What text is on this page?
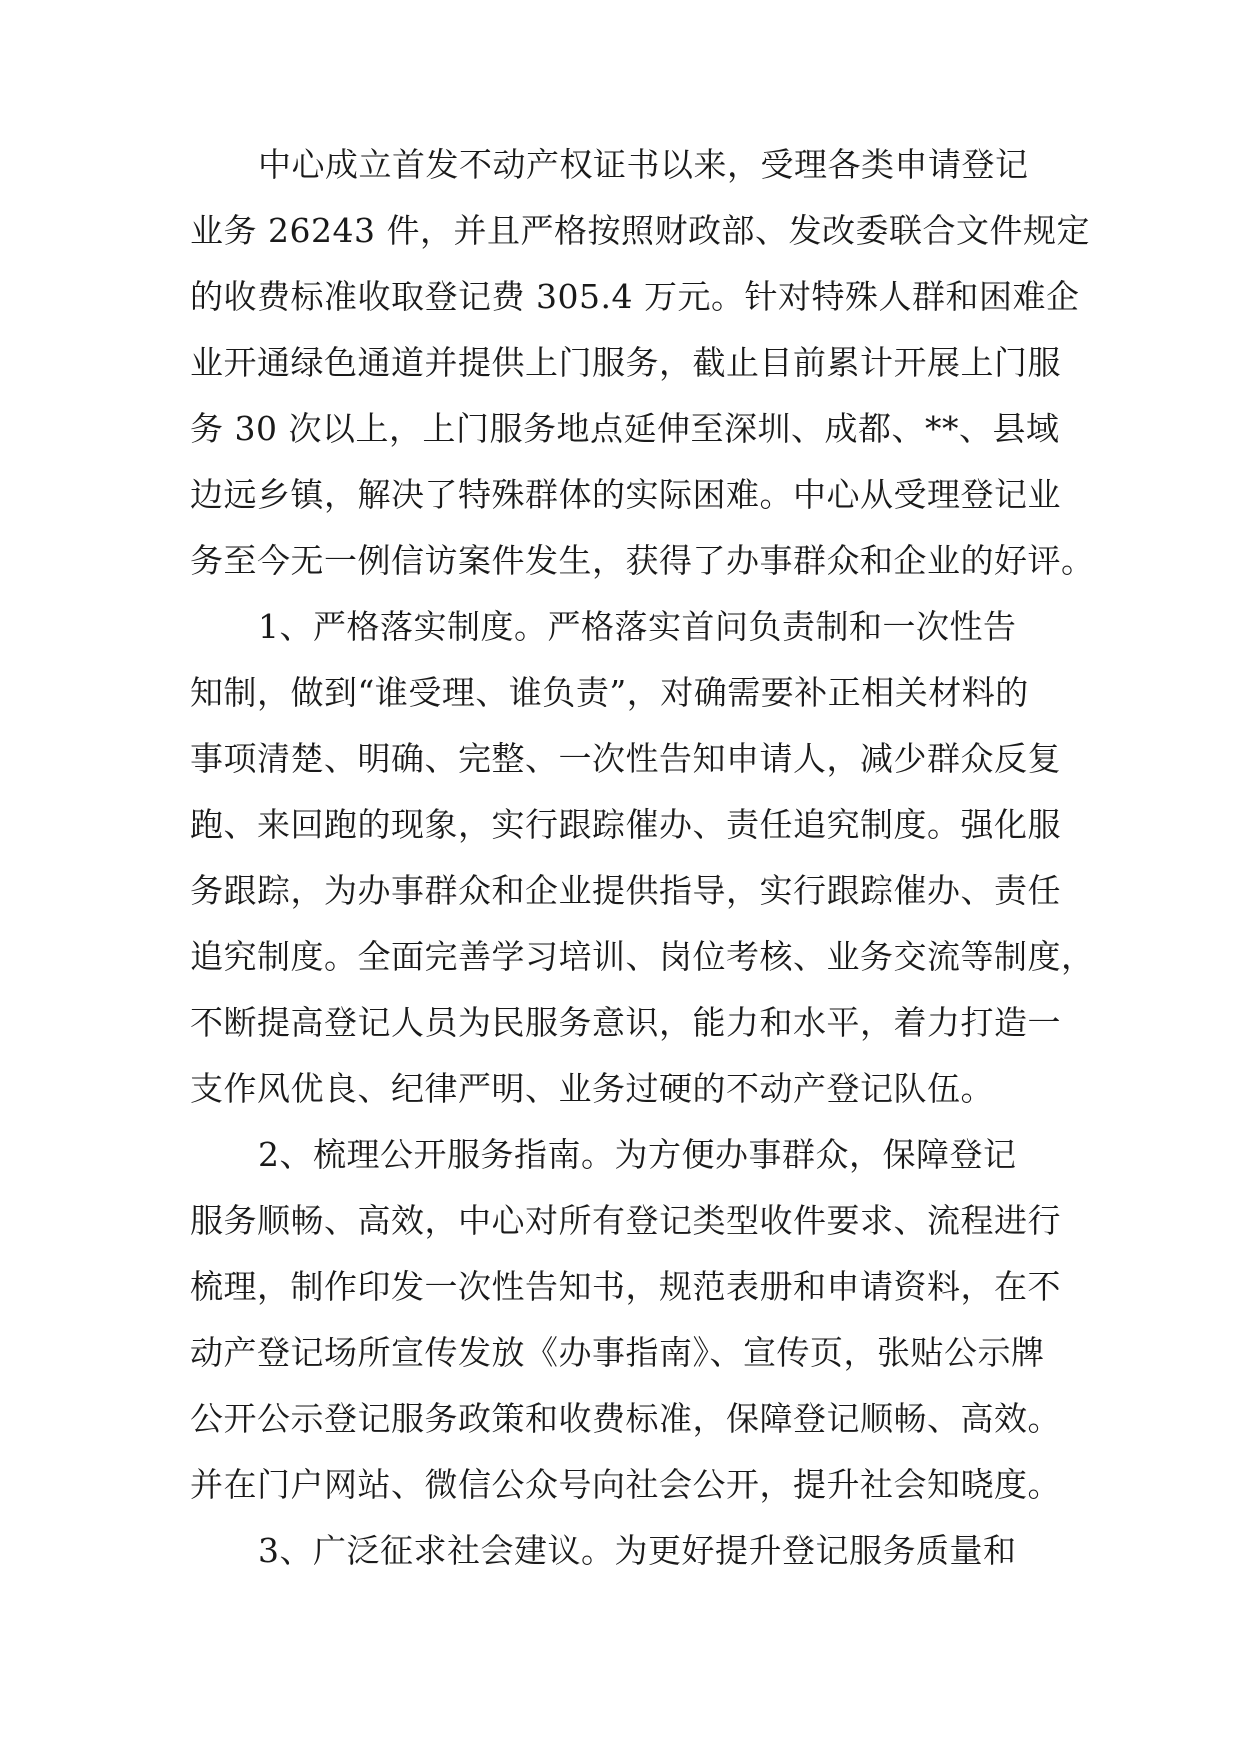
中心成立首发不动产权证书以来，受理各类申请登记
业务 26243 件，并且严格按照财政部、发改委联合文件规定
的收费标准收取登记费 305.4 万元。针对特殊人群和困难企
业开通绿色通道并提供上门服务，截止目前累计开展上门服
务 30 次以上，上门服务地点延伸至深圳、成都、**、县域
边远乡镇，解决了特殊群体的实际困难。中心从受理登记业
务至今无一例信访案件发生，获得了办事群众和企业的好评。
1、严格落实制度。严格落实首问负责制和一次性告
知制，做到“谁受理、谁负责”，对确需要补正相关材料的
事项清楚、明确、完整、一次性告知申请人，减少群众反复
跑、来回跑的现象，实行跟踪催办、责任追究制度。强化服
务跟踪，为办事群众和企业提供指导，实行跟踪催办、责任
追究制度。全面完善学习培训、岗位考核、业务交流等制度，
不断提高登记人员为民服务意识，能力和水平，着力打造一
支作风优良、纪律严明、业务过硬的不动产登记队伍。
2、梳理公开服务指南。为方便办事群众，保障登记
服务顺畅、高效，中心对所有登记类型收件要求、流程进行
梳理，制作印发一次性告知书，规范表册和申请资料，在不
动产登记场所宣传发放《办事指南》、宣传页，张贴公示牌
公开公示登记服务政策和收费标准，保障登记顺畅、高效。
并在门户网站、微信公众号向社会公开，提升社会知晓度。
3、广泛征求社会建议。为更好提升登记服务质量和
